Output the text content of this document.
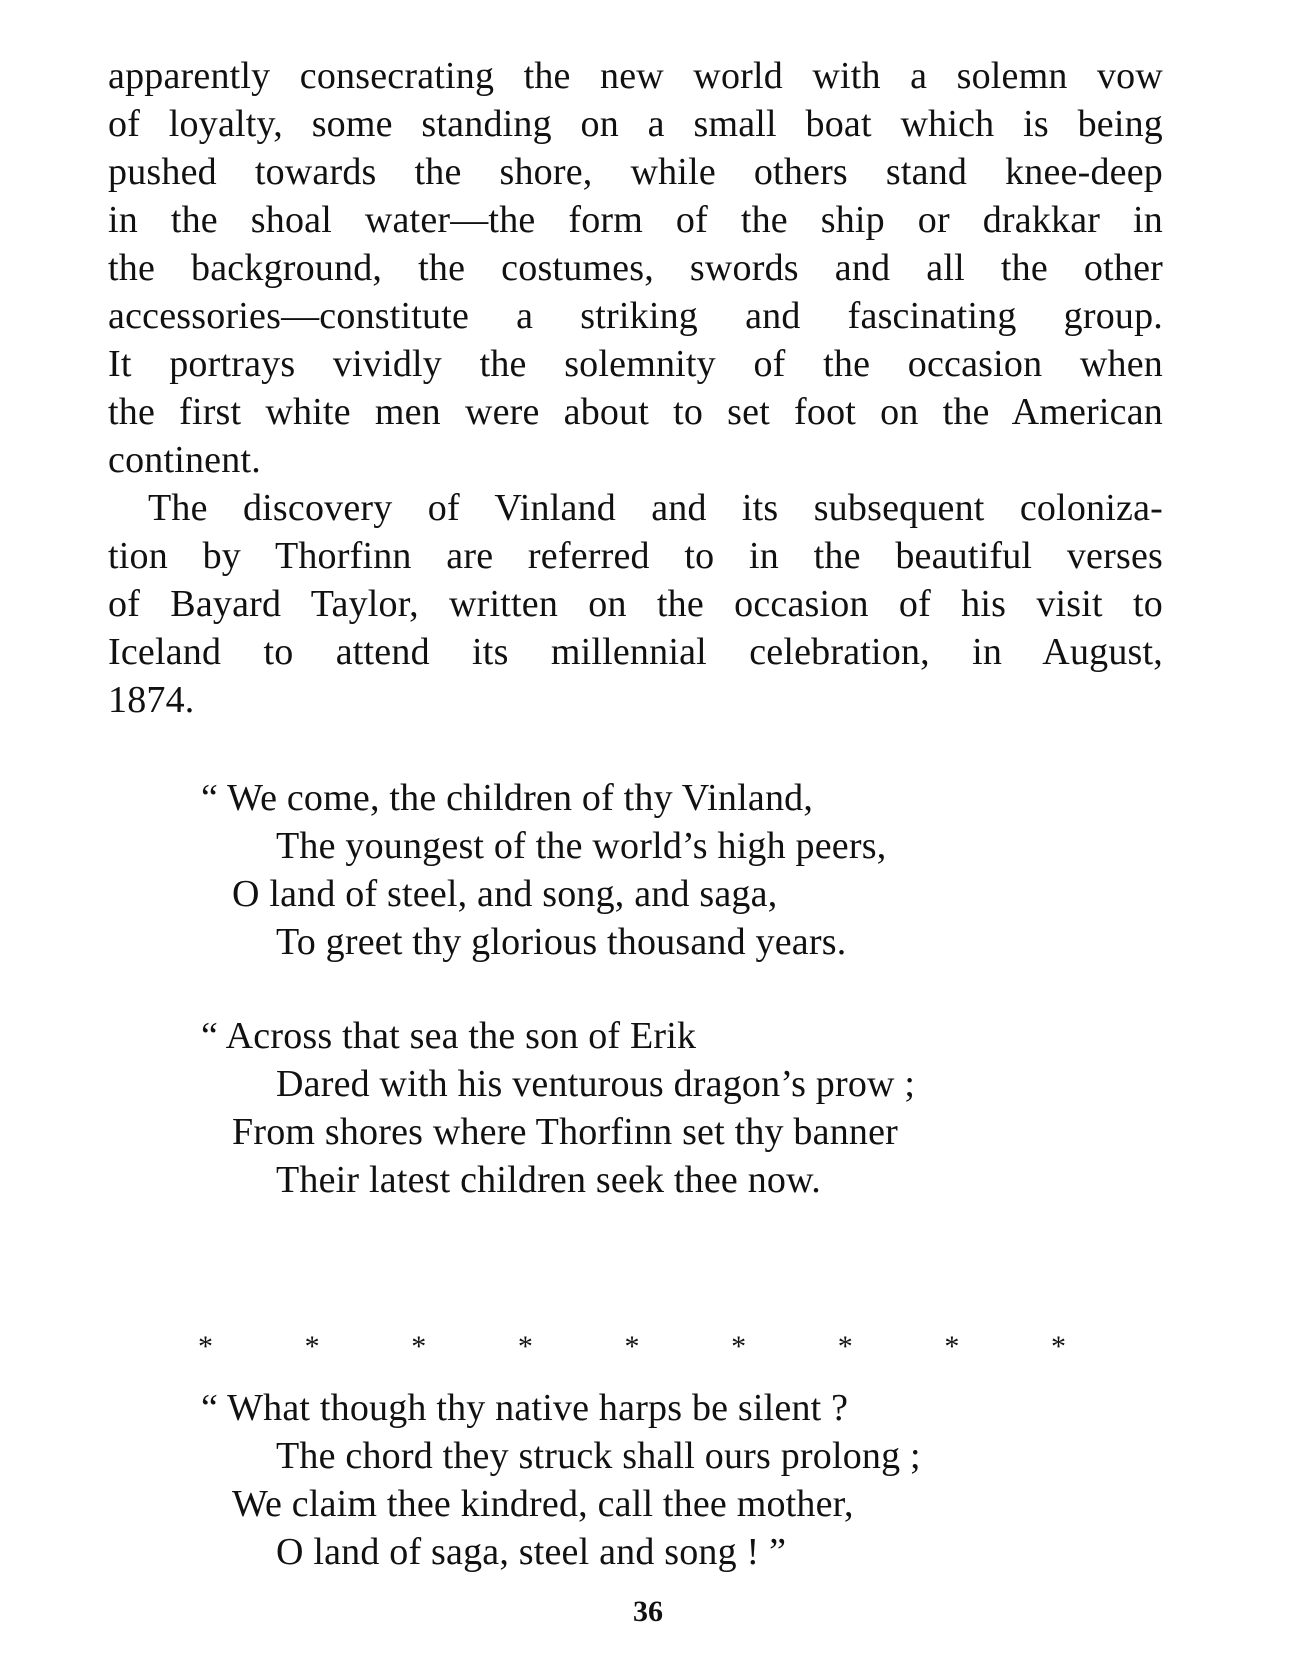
apparently consecrating the new world with a solemn vow
of loyalty, some standing on a small boat which is being
pushed towards the shore, while others stand knee-deep
in the shoal water—the form of the ship or drakkar in
the background, the costumes, swords and all the other
accessories—constitute a striking and fascinating group.
It portrays vividly the solemnity of the occasion when
the first white men were about to set foot on the American
continent.
The discovery of Vinland and its subsequent coloniza-
tion by Thorfinn are referred to in the beautiful verses
of Bayard Taylor, written on the occasion of his visit to
Iceland to attend its millennial celebration, in August,
1874.
“ We come, the children of thy Vinland,
The youngest of the world’s high peers,
O land of steel, and song, and saga,
To greet thy glorious thousand years.
“ Across that sea the son of Erik
Dared with his venturous dragon’s prow ;
From shores where Thorfinn set thy banner
Their latest children seek thee now.
*	*	*	*	*	*	*	*	*
“ What though thy native harps be silent ?
The chord they struck shall ours prolong ;
We claim thee kindred, call thee mother,
O land of saga, steel and song ! ”
36
